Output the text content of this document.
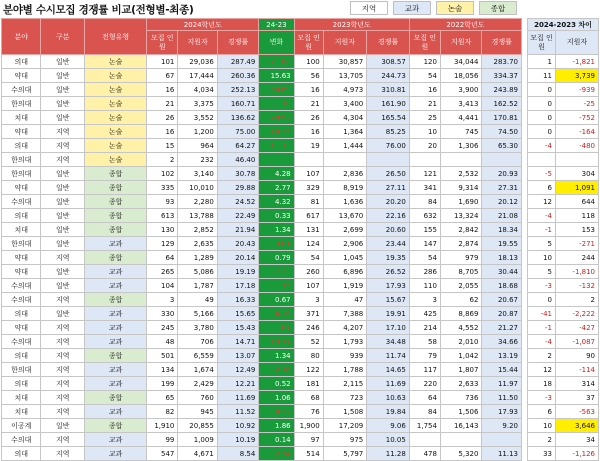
분야별 수시모집 경쟁률 비교(전형별-최종)	지역	교과	논술	종합
분야	구분	전형유형	2024학년도			24-23	2023학년도			2022학년도		
			모집 인원	지원자	경쟁률	변화	모집 인원	지원자	경쟁률	모집 인원	지원자	경쟁률
의대	일반	논술	101	29,036	287.49	-21.08	100	30,857	308.57	120	34,044	283.70
약대	일반	논술	67	17,444	260.36	15.63	56	13,705	244.73	54	18,056	334.37
수의대	일반	논술	16	4,034	252.13	-58.69	16	4,973	310.81	16	3,900	243.89
한의대	일반	논술	21	3,375	160.71	-1.19	21	3,400	161.90	21	3,413	162.52
치대	일반	논술	26	3,552	136.62	-28.92	26	4,304	165.54	25	4,441	170.81
약대	지역	논술	16	1,200	75.00	-10.25	16	1,364	85.25	10	745	74.50
의대	지역	논술	15	964	64.27	-11.73	19	1,444	76.00	20	1,306	65.30
한의대	지역	논술	2	232	46.40							
한의대	일반	종합	102	3,140	30.78	4.28	107	2,836	26.50	121	2,532	20.93
약대	일반	종합	335	10,010	29.88	2.77	329	8,919	27.11	341	9,314	27.31
수의대	일반	종합	93	2,280	24.52	4.32	81	1,636	20.20	84	1,690	20.12
의대	일반	종합	613	13,788	22.49	0.33	617	13,670	22.16	632	13,324	21.08
치대	일반	종합	130	2,852	21.94	1.34	131	2,699	20.60	155	2,842	18.34
한의대	일반	교과	129	2,635	20.43	-3.01	124	2,906	23.44	147	2,874	19.55
약대	지역	종합	64	1,289	20.14	0.79	54	1,045	19.35	54	979	18.13
약대	일반	교과	265	5,086	19.19	-7.33	260	6,896	26.52	286	8,705	30.44
수의대	일반	교과	104	1,787	17.18	-1.75	107	1,919	17.93	110	2,055	18.68
수의대	지역	종합	3	49	16.33	0.67	3	47	15.67	3	62	20.67
의대	일반	교과	330	5,166	15.65	-4.26	371	7,388	19.91	425	8,869	20.87
약대	지역	교과	245	3,780	15.43	-1.67	246	4,207	17.10	214	4,552	21.27
수의대	지역	교과	48	706	14.71	-19.77	52	1,793	34.48	58	2,010	34.66
의대	지역	종합	501	6,559	13.07	1.34	80	939	11.74	79	1,042	13.19
한의대	지역	교과	134	1,674	12.49	-2.16	122	1,788	14.65	117	1,807	15.44
의대	지역	교과	199	2,429	12.21	0.52	181	2,115	11.69	220	2,633	11.97
치대	지역	종합	65	760	11.69	1.06	68	723	10.63	64	736	11.50
치대	지역	교과	82	945	11.52	-8.32	76	1,508	19.84	84	1,506	17.93
이공계	일반	종합	1,910	20,855	10.92	1.86	1,900	17,209	9.06	1,754	16,143	9.20
수의대	지역	교과	99	1,009	10.19	0.14	97	975	10.05			
의대	지역	교과	547	4,671	8.54	-2.74	514	5,797	11.28	478	5,320	11.13
2024-2023 차이	
모집 인원	지원자
1	-1,821
11	3,739
0	-939
0	-25
0	-752
0	-164
-4	-480

-5	304
6	1,091
12	644
-4	118
-1	153
5	-271
10	244
5	-1,810
-3	-132
0	2
-41	-2,222
-1	-427
-4	-1,087
2	90
12	-114
18	314
-3	37
6	-563
10	3,646
2	34
33	-1,126
